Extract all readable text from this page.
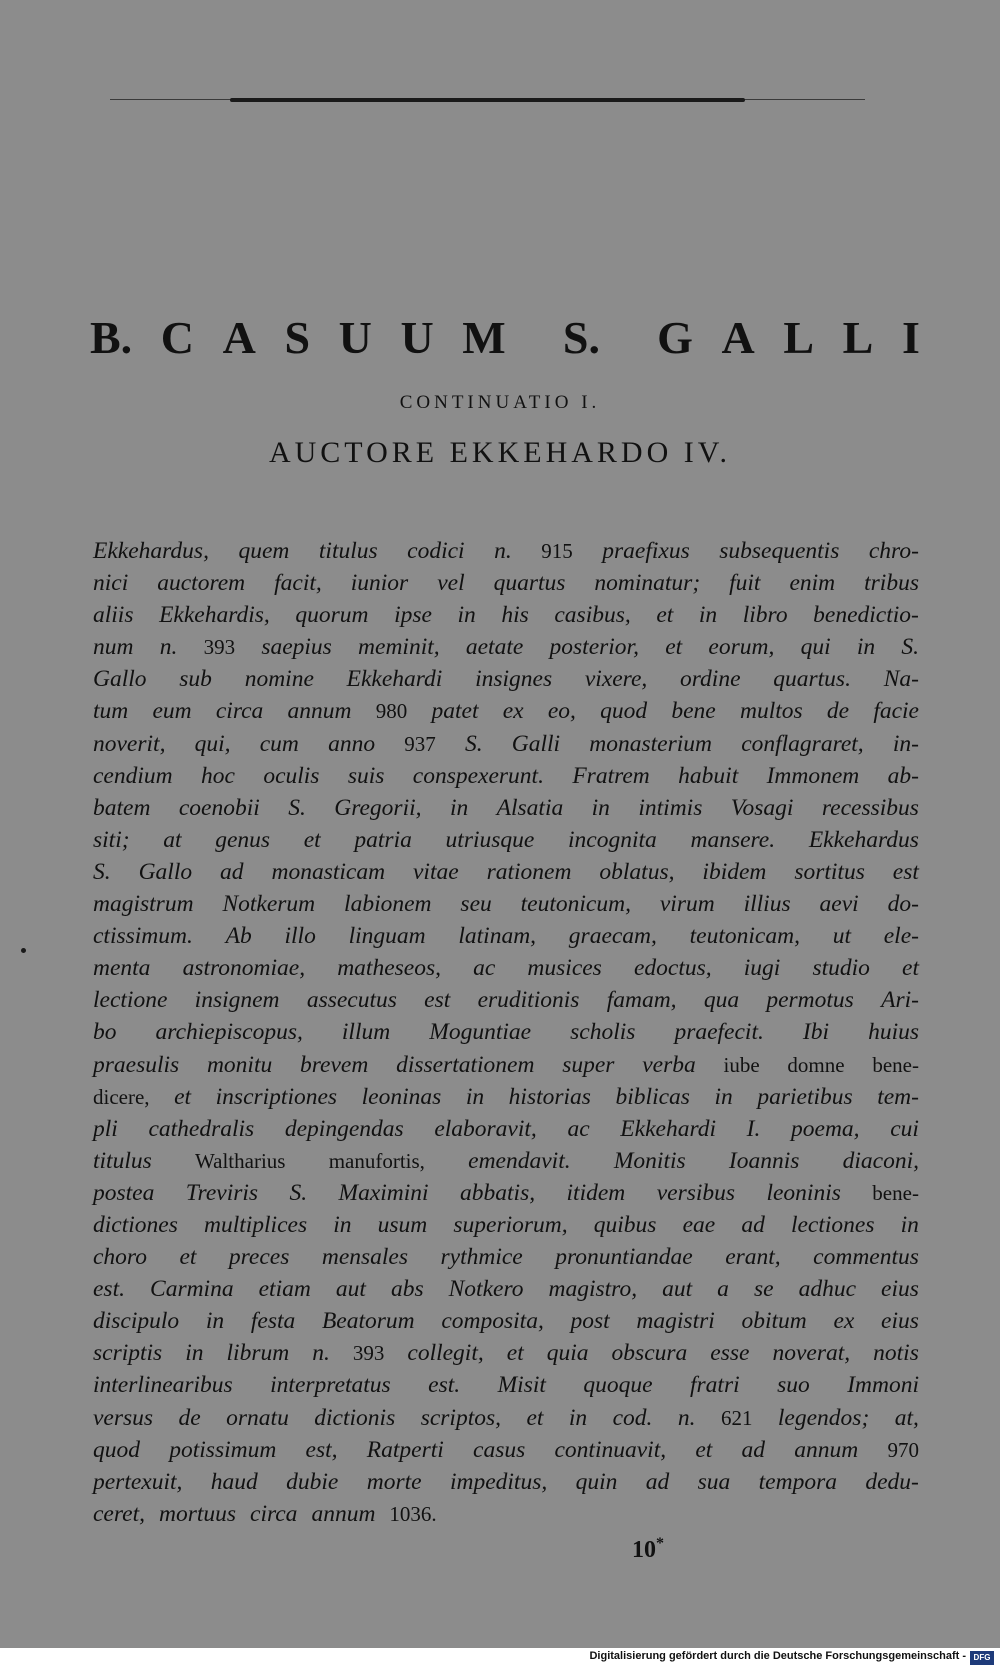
B. C A S U U M S. G A L L I
CONTINUATIO I.
AUCTORE EKKEHARDO IV.
Ekkehardus, quem titulus codici n. 915 praefixus subsequentis chro-
nici auctorem facit, iunior vel quartus nominatur; fuit enim tribus
aliis Ekkehardis, quorum ipse in his casibus, et in libro benedictio-
num n. 393 saepius meminit, aetate posterior, et eorum, qui in S.
Gallo sub nomine Ekkehardi insignes vixere, ordine quartus. Na-
tum eum circa annum 980 patet ex eo, quod bene multos de facie
noverit, qui, cum anno 937 S. Galli monasterium conflagraret, in-
cendium hoc oculis suis conspexerunt. Fratrem habuit Immonem ab-
batem coenobii S. Gregorii, in Alsatia in intimis Vosagi recessibus
siti; at genus et patria utriusque incognita mansere. Ekkehardus
S. Gallo ad monasticam vitae rationem oblatus, ibidem sortitus est
magistrum Notkerum labionem seu teutonicum, virum illius aevi do-
ctissimum. Ab illo linguam latinam, graecam, teutonicam, ut ele-
menta astronomiae, matheseos, ac musices edoctus, iugi studio et
lectione insignem assecutus est eruditionis famam, qua permotus Ari-
bo archiepiscopus, illum Moguntiae scholis praefecit. Ibi huius
praesulis monitu brevem dissertationem super verba iube domne bene-
dicere, et inscriptiones leoninas in historias biblicas in parietibus tem-
pli cathedralis depingendas elaboravit, ac Ekkehardi I. poema, cui
titulus Waltharius manufortis, emendavit. Monitis Ioannis diaconi,
postea Treviris S. Maximini abbatis, itidem versibus leoninis bene-
dictiones multiplices in usum superiorum, quibus eae ad lectiones in
choro et preces mensales rythmice pronuntiandae erant, commentus
est. Carmina etiam aut abs Notkero magistro, aut a se adhuc eius
discipulo in festa Beatorum composita, post magistri obitum ex eius
scriptis in librum n. 393 collegit, et quia obscura esse noverat, notis
interlinearibus interpretatus est. Misit quoque fratri suo Immoni
versus de ornatu dictionis scriptos, et in cod. n. 621 legendos; at,
quod potissimum est, Ratperti casus continuavit, et ad annum 970
pertexuit, haud dubie morte impeditus, quin ad sua tempora dedu-
ceret, mortuus circa annum 1036.
10*
Digitalisierung gefördert durch die Deutsche Forschungsgemeinschaft - DFG
